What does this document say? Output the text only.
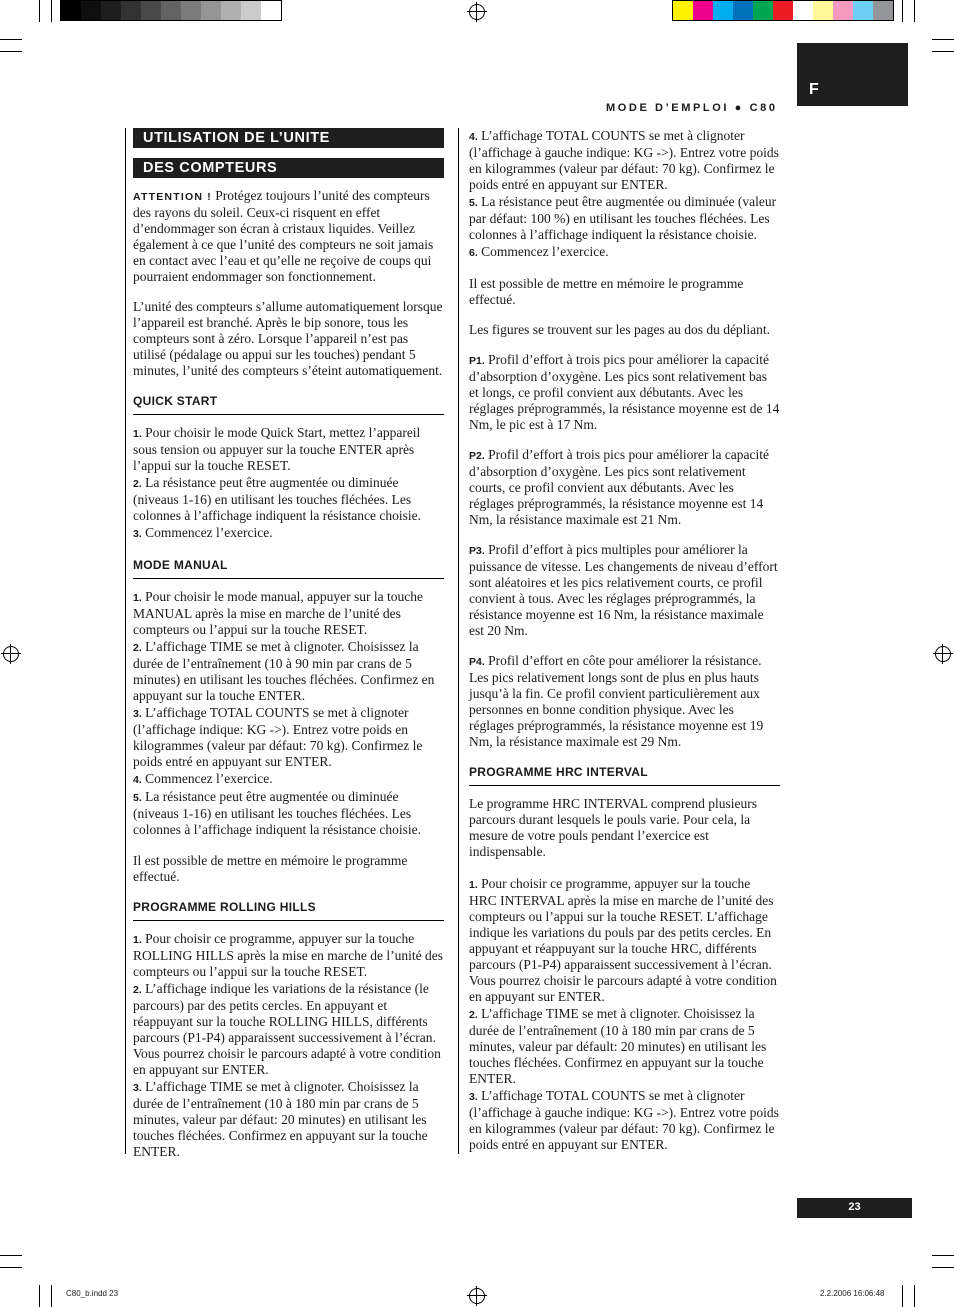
F
MODE D’EMPLOI ● C80
UTILISATION DE L’UNITE
DES COMPTEURS

ATTENTION ! Protégez toujours l’unité des compteurs des rayons du soleil. Ceux-ci risquent en effet d’endommager son écran à cristaux liquides. Veillez également à ce que l’unité des compteurs ne soit jamais en contact avec l’eau et qu’elle ne reçoive de coups qui pourraient endommager son fonctionnement.

L’unité des compteurs s’allume automatiquement lorsque l’appareil est branché. Après le bip sonore, tous les compteurs sont à zéro. Lorsque l’appareil n’est pas utilisé (pédalage ou appui sur les touches) pendant 5 minutes, l’unité des compteurs s’éteint automatiquement.

QUICK START

1. Pour choisir le mode Quick Start, mettez l’appareil sous tension ou appuyer sur la touche ENTER après l’appui sur la touche RESET.

2. La résistance peut être augmentée ou diminuée (niveaus 1-16) en utilisant les touches fléchées. Les colonnes à l’affichage indiquent la résistance choisie.

3. Commencez l’exercice.

MODE MANUAL

1. Pour choisir le mode manual, appuyer sur la touche MANUAL après la mise en marche de l’unité des compteurs ou l’appui sur la touche RESET.

2. L’affichage TIME se met à clignoter. Choisissez la durée de l’entraînement (10 à 90 min par crans de 5 minutes) en utilisant les touches fléchées. Confirmez en appuyant sur la touche ENTER.

3. L’affichage TOTAL COUNTS se met à clignoter (l’affichage indique: KG ->). Entrez votre poids en kilogrammes (valeur par défaut: 70 kg). Confirmez le poids entré en appuyant sur ENTER.

4. Commencez l’exercice.

5. La résistance peut être augmentée ou diminuée (niveaus 1-16) en utilisant les touches fléchées. Les colonnes à l’affichage indiquent la résistance choisie.

Il est possible de mettre en mémoire le programme effectué.

PROGRAMME ROLLING HILLS

1. Pour choisir ce programme, appuyer sur la touche ROLLING HILLS après la mise en marche de l’unité des compteurs ou l’appui sur la touche RESET.

2. L’affichage indique les variations de la résistance (le parcours) par des petits cercles. En appuyant et réappuyant sur la touche ROLLING HILLS, différents parcours (P1-P4) apparaissent successivement à l’écran. Vous pourrez choisir le parcours adapté à votre condition en appuyant sur ENTER.

3. L’affichage TIME se met à clignoter. Choisissez la durée de l’entraînement (10 à 180 min par crans de 5 minutes, valeur par défaut: 20 minutes) en utilisant les touches fléchées. Confirmez en appuyant sur la touche ENTER.

4. L’affichage TOTAL COUNTS se met à clignoter (l’affichage à gauche indique: KG ->). Entrez votre poids en kilogrammes (valeur par défaut: 70 kg). Confirmez le poids entré en appuyant sur ENTER.

5. La résistance peut être augmentée ou diminuée (valeur par défaut: 100 %) en utilisant les touches fléchées. Les colonnes à l’affichage indiquent la résistance choisie.

6. Commencez l’exercice.

Il est possible de mettre en mémoire le programme effectué.

Les figures se trouvent sur les pages au dos du dépliant.

P1. Profil d’effort à trois pics pour améliorer la capacité d’absorption d’oxygène. Les pics sont relativement bas et longs, ce profil convient aux débutants. Avec les réglages préprogrammés, la résistance moyenne est de 14 Nm, le pic est à 17 Nm.

P2. Profil d’effort à trois pics pour améliorer la capacité d’absorption d’oxygène. Les pics sont relativement courts, ce profil convient aux débutants. Avec les réglages préprogrammés, la résistance moyenne est 14 Nm, la résistance maximale est 21 Nm.

P3. Profil d’effort à pics multiples pour améliorer la puissance de vitesse. Les changements de niveau d’effort sont aléatoires et les pics relativement courts, ce profil convient à tous. Avec les réglages préprogrammés, la résistance moyenne est 16 Nm, la résistance maximale est 20 Nm.

P4. Profil d’effort en côte pour améliorer la résistance. Les pics relativement longs sont de plus en plus hauts jusqu’à la fin. Ce profil convient particulièrement aux personnes en bonne condition physique. Avec les réglages préprogrammés, la résistance moyenne est 19 Nm, la résistance maximale est 29 Nm.

PROGRAMME HRC INTERVAL

Le programme HRC INTERVAL comprend plusieurs parcours durant lesquels le pouls varie. Pour cela, la mesure de votre pouls pendant l’exercice est indispensable.

1. Pour choisir ce programme, appuyer sur la touche HRC INTERVAL après la mise en marche de l’unité des compteurs ou l’appui sur la touche RESET. L’affichage indique les variations du pouls par des petits cercles. En appuyant et réappuyant sur la touche HRC, différents parcours (P1-P4) apparaissent successivement à l’écran. Vous pourrez choisir le parcours adapté à votre condition en appuyant sur ENTER.

2. L’affichage TIME se met à clignoter. Choisissez la durée de l’entraînement (10 à 180 min par crans de 5 minutes, valeur par défault: 20 minutes) en utilisant les touches fléchées. Confirmez en appuyant sur la touche ENTER.

3. L’affichage TOTAL COUNTS se met à clignoter (l’affichage à gauche indique: KG ->). Entrez votre poids en kilogrammes (valeur par défaut: 70 kg). Confirmez le poids entré en appuyant sur ENTER.

23
C80_b.indd 23	2.2.2006 16:06:48
